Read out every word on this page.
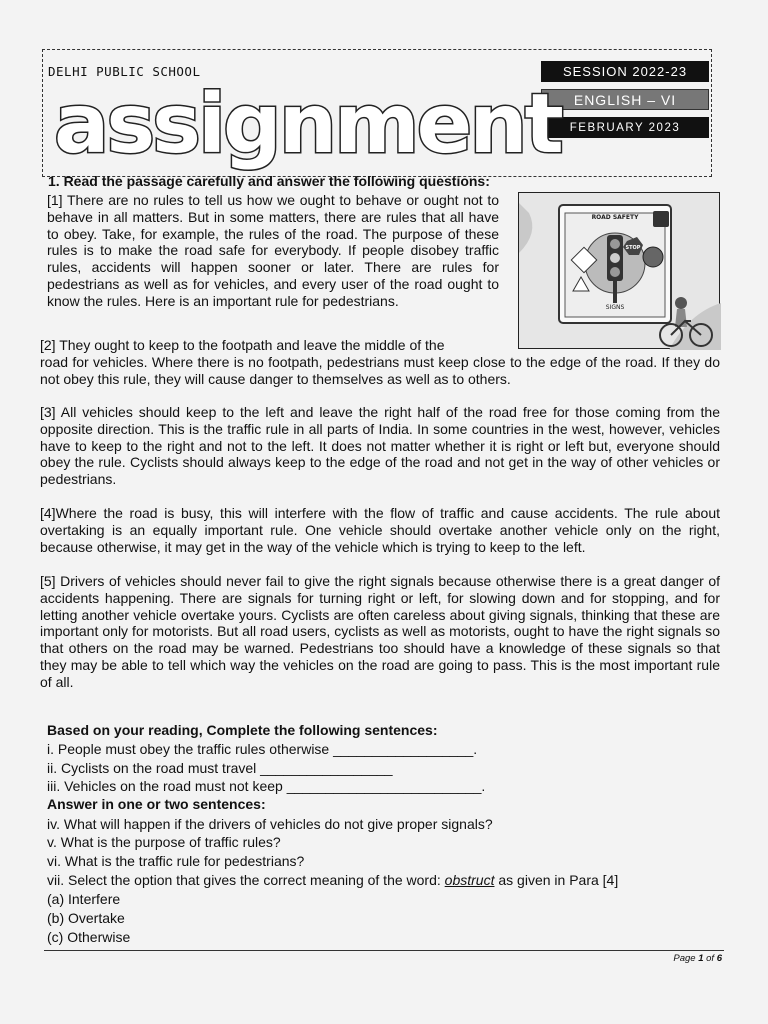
DELHI PUBLIC SCHOOL	SESSION 2022-23
ENGLISH – VI
FEBRUARY 2023
assignment

1. Read the passage carefully and answer the following questions:

[1] There are no rules to tell us how we ought to behave or ought not to behave in all matters. But in some matters, there are rules that all have to obey. Take, for example, the rules of the road. The purpose of these rules is to make the road safe for everybody. If people disobey traffic rules, accidents will happen sooner or later. There are rules for pedestrians as well as for vehicles, and every user of the road ought to know the rules. Here is an important rule for pedestrians.

ROAD SAFETY
STOP
SIGNS

[2] They ought to keep to the footpath and leave the middle of the

road for vehicles. Where there is no footpath, pedestrians must keep close to the edge of the road. If they do not obey this rule, they will cause danger to themselves as well as to others.

[3] All vehicles should keep to the left and leave the right half of the road free for those coming from the opposite direction. This is the traffic rule in all parts of India. In some countries in the west, however, vehicles have to keep to the right and not to the left. It does not matter whether it is right or left but, everyone should obey the rule. Cyclists should always keep to the edge of the road and not get in the way of other vehicles or pedestrians.

[4]Where the road is busy, this will interfere with the flow of traffic and cause accidents. The rule about overtaking is an equally important rule. One vehicle should overtake another vehicle only on the right, because otherwise, it may get in the way of the vehicle which is trying to keep to the left.

[5] Drivers of vehicles should never fail to give the right signals because otherwise there is a great danger of accidents happening. There are signals for turning right or left, for slowing down and for stopping, and for letting another vehicle overtake yours. Cyclists are often careless about giving signals, thinking that these are important only for motorists. But all road users, cyclists as well as motorists, ought to have the right signals so that others on the road may be warned. Pedestrians too should have a knowledge of these signals so that they may be able to tell which way the vehicles on the road are going to pass. This is the most important rule of all.

Based on your reading, Complete the following sentences:

i. People must obey the traffic rules otherwise __________________.

ii. Cyclists on the road must travel _________________

iii. Vehicles on the road must not keep _________________________.

Answer in one or two sentences:

iv. What will happen if the drivers of vehicles do not give proper signals?

v. What is the purpose of traffic rules?

vi. What is the traffic rule for pedestrians?

vii. Select the option that gives the correct meaning of the word: obstruct as given in Para [4]

(a) Interfere

(b) Overtake

(c) Otherwise

Page 1 of 6
